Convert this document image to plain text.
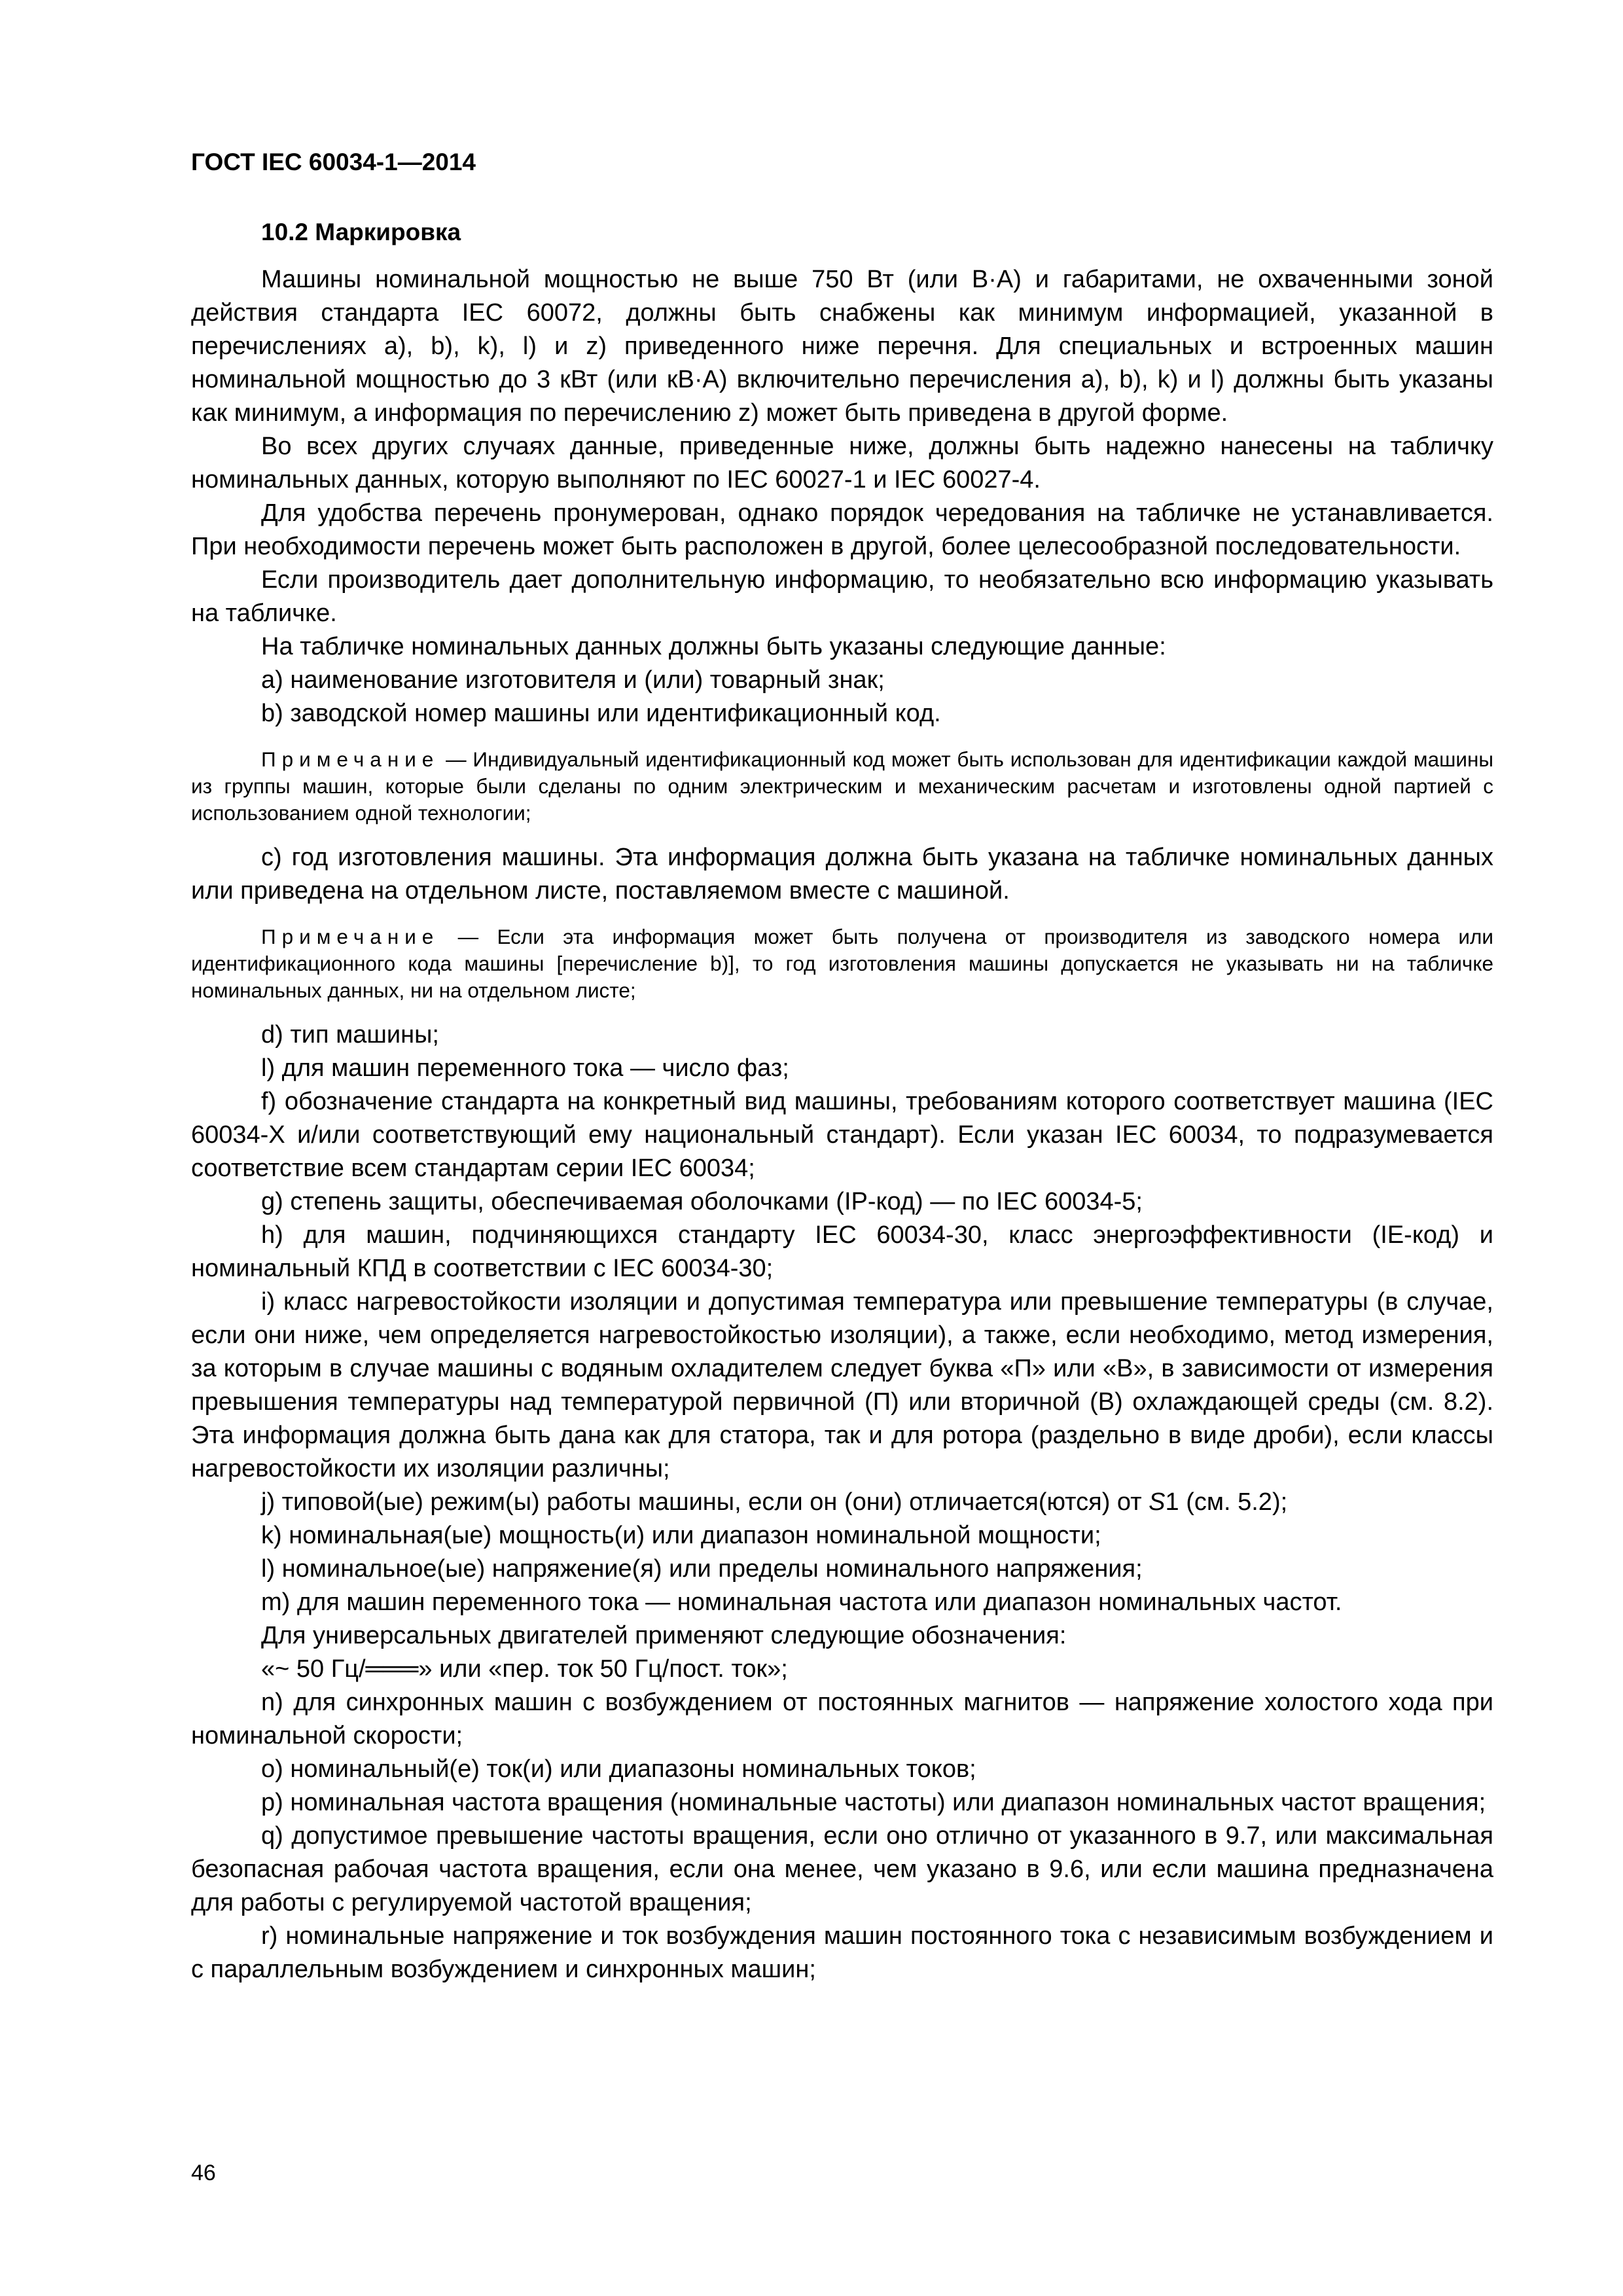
ГОСТ IEC 60034-1—2014
10.2 Маркировка

Машины номинальной мощностью не выше 750 Вт (или В·А) и габаритами, не охваченными зоной действия стандарта IEC 60072, должны быть снабжены как минимум информацией, указанной в перечислениях а), b), k), l) и z) приведенного ниже перечня. Для специальных и встроенных машин номинальной мощностью до 3 кВт (или кВ·А) включительно перечисления а), b), k) и l) должны быть указаны как минимум, а информация по перечислению z) может быть приведена в другой форме.

Во всех других случаях данные, приведенные ниже, должны быть надежно нанесены на табличку номинальных данных, которую выполняют по IEC 60027-1 и IEC 60027-4.

Для удобства перечень пронумерован, однако порядок чередования на табличке не устанавливается. При необходимости перечень может быть расположен в другой, более целесообразной последовательности.

Если производитель дает дополнительную информацию, то необязательно всю информацию указывать на табличке.

На табличке номинальных данных должны быть указаны следующие данные:

a) наименование изготовителя и (или) товарный знак;

b) заводской номер машины или идентификационный код.

Примечание — Индивидуальный идентификационный код может быть использован для идентификации каждой машины из группы машин, которые были сделаны по одним электрическим и механическим расчетам и изготовлены одной партией с использованием одной технологии;

c) год изготовления машины. Эта информация должна быть указана на табличке номинальных данных или приведена на отдельном листе, поставляемом вместе с машиной.

Примечание — Если эта информация может быть получена от производителя из заводского номера или идентификационного кода машины [перечисление b)], то год изготовления машины допускается не указывать ни на табличке номинальных данных, ни на отдельном листе;

d) тип машины;

l) для машин переменного тока — число фаз;

f) обозначение стандарта на конкретный вид машины, требованиям которого соответствует машина (IEC 60034-X и/или соответствующий ему национальный стандарт). Если указан IEC 60034, то подразумевается соответствие всем стандартам серии IEC 60034;

g) степень защиты, обеспечиваемая оболочками (IP-код) — по IEC 60034-5;

h) для машин, подчиняющихся стандарту IEC 60034-30, класс энергоэффективности (IE-код) и номинальный КПД в соответствии с IEC 60034-30;

i) класс нагревостойкости изоляции и допустимая температура или превышение температуры (в случае, если они ниже, чем определяется нагревостойкостью изоляции), а также, если необходимо, метод измерения, за которым в случае машины с водяным охладителем следует буква «П» или «В», в зависимости от измерения превышения температуры над температурой первичной (П) или вторичной (В) охлаждающей среды (см. 8.2). Эта информация должна быть дана как для статора, так и для ротора (раздельно в виде дроби), если классы нагревостойкости их изоляции различны;

j) типовой(ые) режим(ы) работы машины, если он (они) отличается(ются) от S1 (см. 5.2);

k) номинальная(ые) мощность(и) или диапазон номинальной мощности;

l) номинальное(ые) напряжение(я) или пределы номинального напряжения;

m) для машин переменного тока — номинальная частота или диапазон номинальных частот.

Для универсальных двигателей применяют следующие обозначения:

«~ 50 Гц/═══» или «пер. ток 50 Гц/пост. ток»;

n) для синхронных машин с возбуждением от постоянных магнитов — напряжение холостого хода при номинальной скорости;

o) номинальный(е) ток(и) или диапазоны номинальных токов;

p) номинальная частота вращения (номинальные частоты) или диапазон номинальных частот вращения;

q) допустимое превышение частоты вращения, если оно отлично от указанного в 9.7, или максимальная безопасная рабочая частота вращения, если она менее, чем указано в 9.6, или если машина предназначена для работы с регулируемой частотой вращения;

r) номинальные напряжение и ток возбуждения машин постоянного тока с независимым возбуждением и с параллельным возбуждением и синхронных машин;

46
